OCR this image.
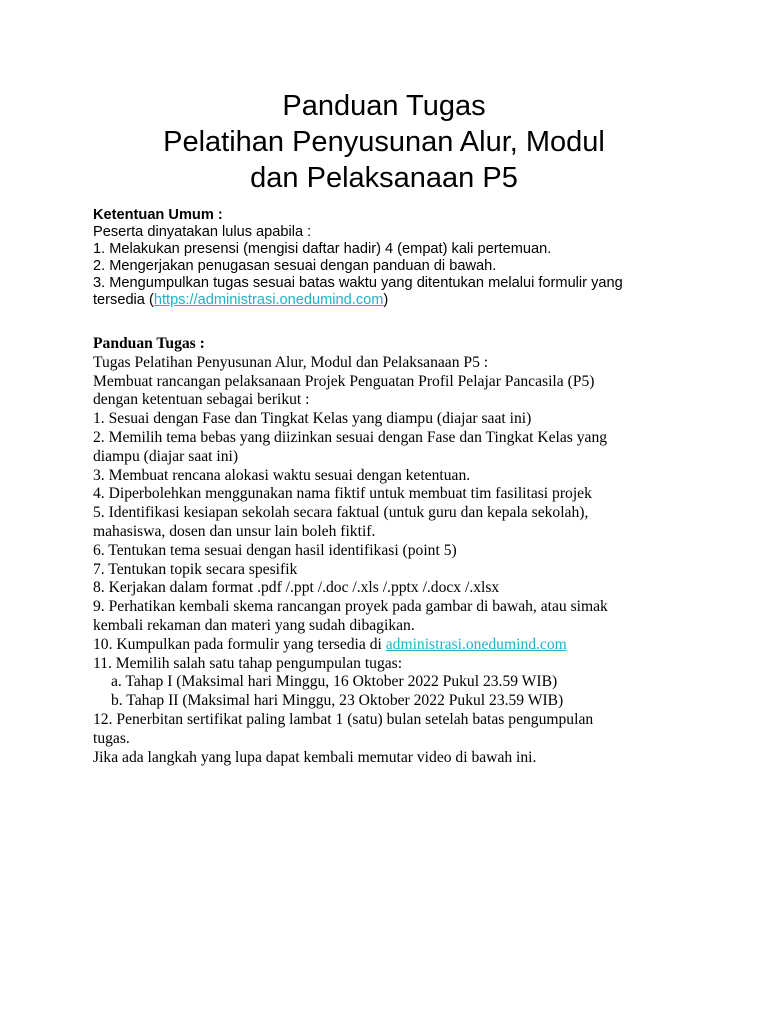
Panduan Tugas
Pelatihan Penyusunan Alur, Modul
dan Pelaksanaan P5
Ketentuan Umum :
Peserta dinyatakan lulus apabila :
1. Melakukan presensi (mengisi daftar hadir) 4 (empat) kali pertemuan.
2. Mengerjakan penugasan sesuai dengan panduan di bawah.
3. Mengumpulkan tugas sesuai batas waktu yang ditentukan melalui formulir yang
tersedia (https://administrasi.onedumind.com)
Panduan Tugas :
Tugas Pelatihan Penyusunan Alur, Modul dan Pelaksanaan P5 :
Membuat rancangan pelaksanaan Projek Penguatan Profil Pelajar Pancasila (P5)
dengan ketentuan sebagai berikut :
1. Sesuai dengan Fase dan Tingkat Kelas yang diampu (diajar saat ini)
2. Memilih tema bebas yang diizinkan sesuai dengan Fase dan Tingkat Kelas yang
diampu (diajar saat ini)
3. Membuat rencana alokasi waktu sesuai dengan ketentuan.
4. Diperbolehkan menggunakan nama fiktif untuk membuat tim fasilitasi projek
5. Identifikasi kesiapan sekolah secara faktual (untuk guru dan kepala sekolah),
mahasiswa, dosen dan unsur lain boleh fiktif.
6. Tentukan tema sesuai dengan hasil identifikasi (point 5)
7. Tentukan topik secara spesifik
8. Kerjakan dalam format .pdf /.ppt /.doc /.xls /.pptx /.docx /.xlsx
9. Perhatikan kembali skema rancangan proyek pada gambar di bawah, atau simak
kembali rekaman dan materi yang sudah dibagikan.
10. Kumpulkan pada formulir yang tersedia di administrasi.onedumind.com
11. Memilih salah satu tahap pengumpulan tugas:
a. Tahap I (Maksimal hari Minggu, 16 Oktober 2022 Pukul 23.59 WIB)
b. Tahap II (Maksimal hari Minggu, 23 Oktober 2022 Pukul 23.59 WIB)
12. Penerbitan sertifikat paling lambat 1 (satu) bulan setelah batas pengumpulan
tugas.
Jika ada langkah yang lupa dapat kembali memutar video di bawah ini.
